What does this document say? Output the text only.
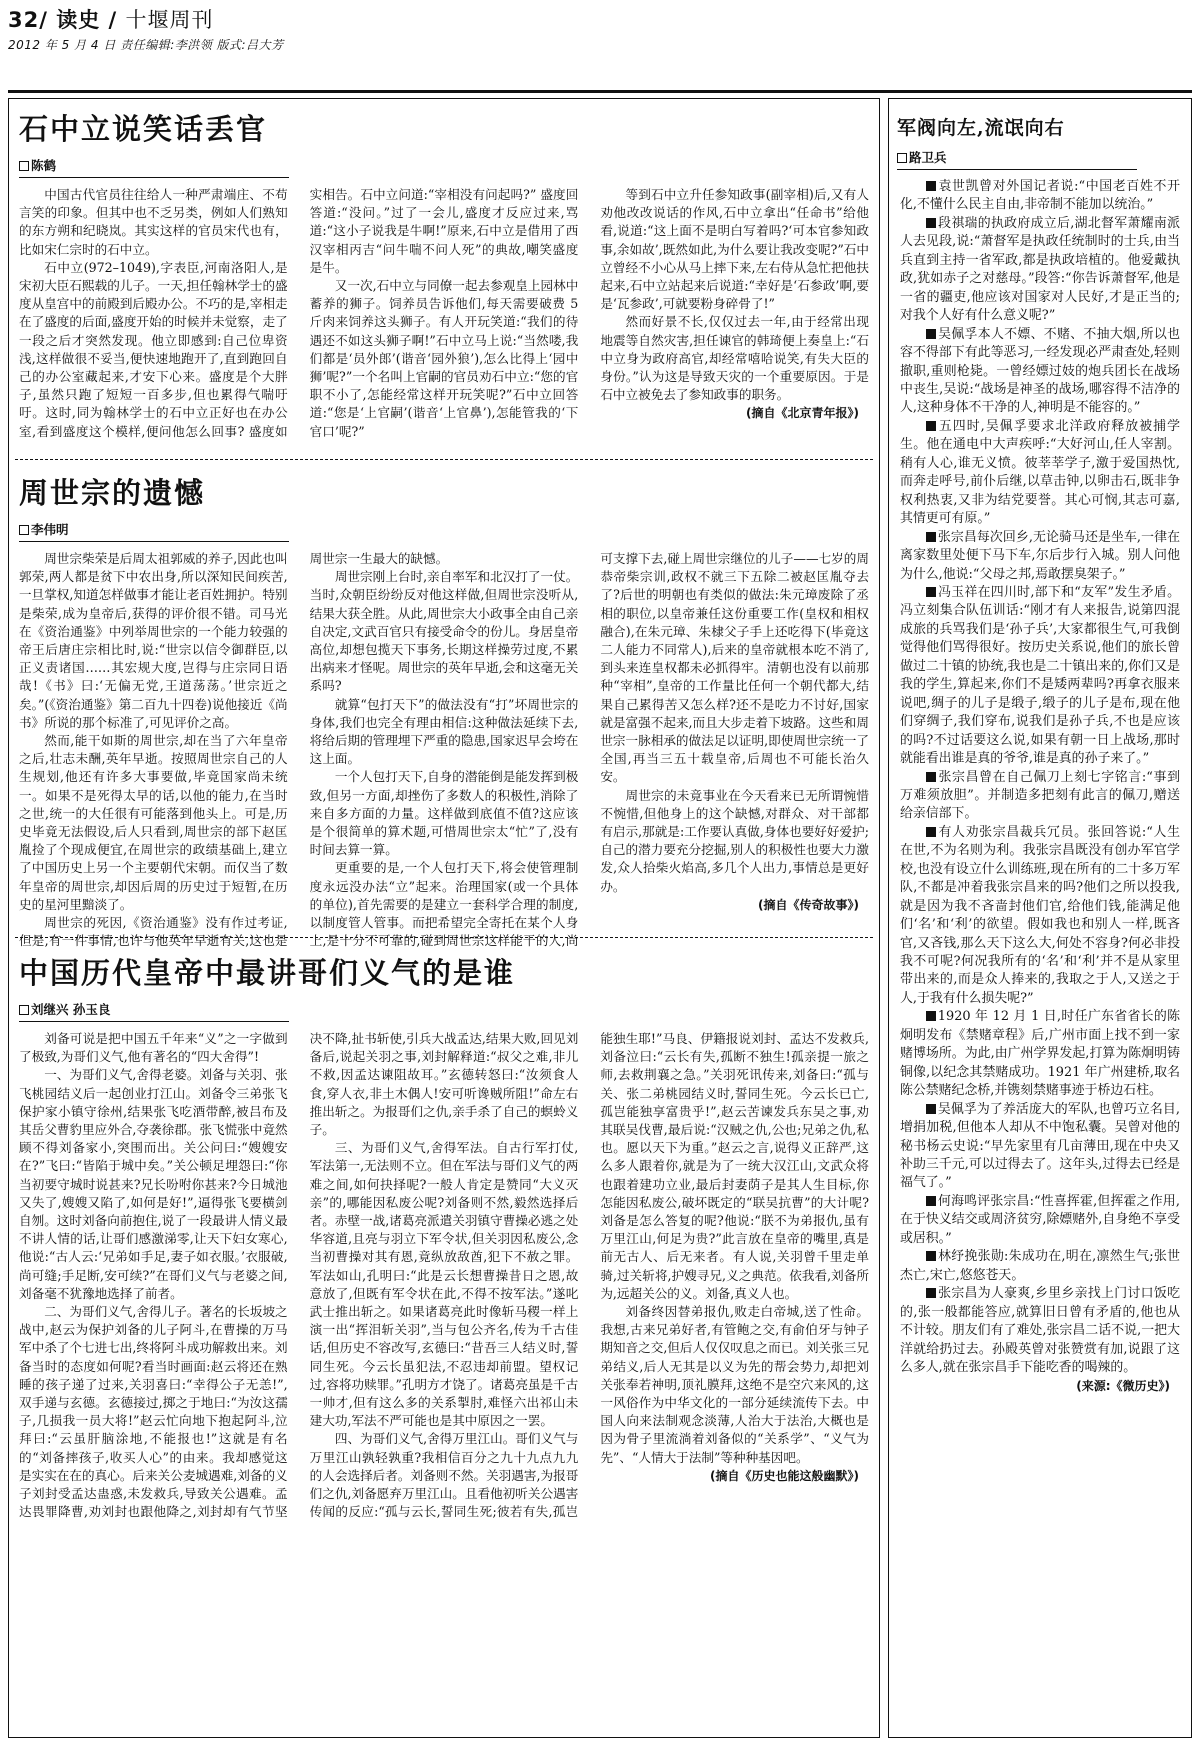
32/ 读史 / 十堰周刊
2012 年 5 月 4 日 责任编辑:李洪领 版式:吕大芳
石中立说笑话丢官
陈鹤

中国古代官员往往给人一种严肃端庄、不苟言笑的印象。但其中也不乏另类，例如人们熟知的东方朔和纪晓岚。其实这样的官员宋代也有，比如宋仁宗时的石中立。

石中立(972–1049),字表臣,河南洛阳人,是宋初大臣石熙载的儿子。一天,担任翰林学士的盛度从皇宫中的前殿到后殿办公。不巧的是,宰相走在了盛度的后面,盛度开始的时候并未觉察，走了一段之后才突然发现。他立即感到:自己位卑资浅,这样做很不妥当,便快速地跑开了,直到跑回自己的办公室藏起来,才安下心来。盛度是个大胖子,虽然只跑了短短一百多步,但也累得气喘吁吁。这时,同为翰林学士的石中立正好也在办公室,看到盛度这个模样,便问他怎么回事? 盛度如实相告。石中立问道:“宰相没有问起吗?” 盛度回答道:“没问。”过了一会儿,盛度才反应过来,骂道:“这小子说我是牛啊!”原来,石中立是借用了西汉宰相丙吉“问牛喘不问人死”的典故,嘲笑盛度是牛。

又一次,石中立与同僚一起去参观皇上园林中蓄养的狮子。饲养员告诉他们,每天需要破费 5 斤肉来饲养这头狮子。有人开玩笑道:“我们的待遇还不如这头狮子啊!”石中立马上说:“当然喽,我们都是‘员外郎’(谐音‘园外狼’),怎么比得上‘园中狮’呢?”一个名叫上官嗣的官员劝石中立:“您的官职不小了,怎能经常这样开玩笑呢?”石中立回答道:“您是‘上官嗣’(谐音‘上官鼻’),怎能管我的‘下官口’呢?”

等到石中立升任参知政事(副宰相)后,又有人劝他改改说话的作风,石中立拿出“任命书”给他看,说道:“这上面不是明白写着吗?‘可本官参知政事,余如故’,既然如此,为什么要让我改变呢?”石中立曾经不小心从马上摔下来,左右侍从急忙把他扶起来,石中立站起来后说道:“幸好是‘石参政’啊,要是‘瓦参政’,可就要粉身碎骨了!”

然而好景不长,仅仅过去一年,由于经常出现地震等自然灾害,担任谏官的韩琦便上奏皇上:“石中立身为政府高官,却经常嘻哈说笑,有失大臣的身份。”认为这是导致天灾的一个重要原因。于是石中立被免去了参知政事的职务。

(摘自《北京青年报》)
周世宗的遗憾
李伟明

周世宗柴荣是后周太祖郭威的养子,因此也叫郭荣,两人都是贫下中农出身,所以深知民间疾苦,一旦掌权,知道怎样做事才能让老百姓拥护。特别是柴荣,成为皇帝后,获得的评价很不错。司马光在《资治通鉴》中列举周世宗的一个能力较强的帝王后唐庄宗相比时,说:“世宗以信令御群臣,以正义责诸国……其宏规大度,岂得与庄宗同日语哉!《书》曰:‘无偏无党,王道荡荡。’世宗近之矣。”(《资治通鉴》第二百九十四卷)说他接近《尚书》所说的那个标准了,可见评价之高。

然而,能干如斯的周世宗,却在当了六年皇帝之后,壮志未酬,英年早逝。按照周世宗自己的人生规划,他还有许多大事要做,毕竟国家尚未统一。如果不是死得太早的话,以他的能力,在当时之世,统一的大任很有可能落到他头上。可是,历史毕竟无法假设,后人只看到,周世宗的部下赵匡胤捡了个现成便宜,在周世宗的政绩基础上,建立了中国历史上另一个主要朝代宋朝。而仅当了数年皇帝的周世宗,却因后周的历史过于短暂,在历史的星河里黯淡了。

周世宗的死因,《资治通鉴》没有作过考证,但是,有一件事情,也许与他英年早逝有关,这也是周世宗一生最大的缺憾。

周世宗刚上台时,亲自率军和北汉打了一仗。当时,众朝臣纷纷反对他这样做,但周世宗没听从,结果大获全胜。从此,周世宗大小政事全由自己亲自决定,文武百官只有接受命令的份儿。身居皇帝高位,却想包揽天下事务,长期这样操劳过度,不累出病来才怪呢。周世宗的英年早逝,会和这毫无关系吗?

就算“包打天下”的做法没有“打”坏周世宗的身体,我们也完全有理由相信:这种做法延续下去,将给后期的管理埋下严重的隐患,国家迟早会垮在这上面。

一个人包打天下,自身的潜能倒是能发挥到极致,但另一方面,却挫伤了多数人的积极性,消除了来自多方面的力量。这样做到底值不值?这应该是个很简单的算术题,可惜周世宗太“忙”了,没有时间去算一算。

更重要的是,一个人包打天下,将会使管理制度永远没办法“立”起来。治理国家(或一个具体的单位),首先需要的是建立一套科学合理的制度,以制度管人管事。而把希望完全寄托在某个人身上,是十分不可靠的,碰到周世宗这样能干的人,尚可支撑下去,碰上周世宗继位的儿子——七岁的周恭帝柴宗训,政权不就三下五除二被赵匡胤夺去了?后世的明朝也有类似的做法:朱元璋废除了丞相的职位,以皇帝兼任这份重要工作(皇权和相权融合),在朱元璋、朱棣父子手上还吃得下(毕竟这二人能力不同常人),后来的皇帝就根本吃不消了,到头来连皇权都未必抓得牢。清朝也没有以前那种“宰相”,皇帝的工作量比任何一个朝代都大,结果自己累得苦又怎么样?还不是吃力不讨好,国家就是富强不起来,而且大步走着下坡路。这些和周世宗一脉相承的做法足以证明,即使周世宗统一了全国,再当三五十载皇帝,后周也不可能长治久安。

周世宗的未竟事业在今天看来已无所谓惋惜不惋惜,但他身上的这个缺憾,对群众、对干部都有启示,那就是:工作要认真做,身体也要好好爱护;自己的潜力要充分挖掘,别人的积极性也要大力激发,众人拾柴火焰高,多几个人出力,事情总是更好办。

(摘自《传奇故事》)
中国历代皇帝中最讲哥们义气的是谁
刘继兴 孙玉良

刘备可说是把中国五千年来“义”之一字做到了极致,为哥们义气,他有著名的“四大舍得”!

一、为哥们义气,舍得老婆。刘备与关羽、张飞桃园结义后一起创业打江山。刘备令三弟张飞保护家小镇守徐州,结果张飞吃酒带醉,被吕布及其岳父曹豹里应外合,夺袭徐郡。张飞慌张中竟然顾不得刘备家小,突围而出。关公问曰:“嫂嫂安在?”飞曰:“皆陷于城中矣。”关公顿足埋怨曰:“你当初要守城时说甚来?兄长吩咐你甚来?今日城池又失了,嫂嫂又陷了,如何是好!”,逼得张飞要横剑自刎。这时刘备向前抱住,说了一段最讲人情义最不讲人情的话,让哥们感激涕零,让天下妇女寒心,他说:“古人云:‘兄弟如手足,妻子如衣服。’衣服破,尚可缝;手足断,安可续?”在哥们义气与老婆之间,刘备毫不犹豫地选择了前者。

二、为哥们义气,舍得儿子。著名的长坂坡之战中,赵云为保护刘备的儿子阿斗,在曹操的万马军中杀了个七进七出,终将阿斗成功解救出来。刘备当时的态度如何呢?看当时画面:赵云将还在熟睡的孩子递了过来,关羽喜曰:“幸得公子无恙!”,双手递与玄德。玄德接过,掷之于地曰:“为汝这孺子,几损我一员大将!”赵云忙向地下抱起阿斗,泣拜曰:“云虽肝脑涂地,不能报也!”这就是有名的“刘备摔孩子,收买人心”的由来。我却感觉这是实实在在的真心。后来关公麦城遇难,刘备的义子刘封受孟达蛊惑,未发救兵,导致关公遇难。孟达畏罪降曹,劝刘封也跟他降之,刘封却有气节坚决不降,扯书斩使,引兵大战孟达,结果大败,回见刘备后,说起关羽之事,刘封解释道:“叔父之难,非儿不救,因孟达谏阻故耳。”玄德转怒曰:“汝须食人食,穿人衣,非土木偶人!安可听谗贼所阻!”命左右推出斩之。为报哥们之仇,亲手杀了自己的螟蛉义子。

三、为哥们义气,舍得军法。自古行军打仗,军法第一,无法则不立。但在军法与哥们义气的两难之间,如何抉择呢?一般人肯定是赞同“大义灭亲”的,哪能因私废公呢?刘备则不然,毅然选择后者。赤壁一战,诸葛亮派遣关羽镇守曹操必逃之处华容道,且亮与羽立下军令状,但关羽因私废公,念当初曹操对其有恩,竟纵放敌酋,犯下不赦之罪。军法如山,孔明曰:“此是云长想曹操昔日之恩,故意放了,但既有军令状在此,不得不按军法。”遂叱武士推出斩之。如果诸葛亮此时像斩马稷一样上演一出“挥泪斩关羽”,当与包公齐名,传为千古佳话,但历史不容改写,玄德曰:“昔吾三人结义时,誓同生死。今云长虽犯法,不忍违却前盟。望权记过,容将功赎罪。”孔明方才饶了。诸葛亮虽是千古一帅才,但有这么多的关系掣肘,难怪六出祁山未建大功,军法不严可能也是其中原因之一罢。

四、为哥们义气,舍得万里江山。哥们义气与万里江山孰轻孰重?我相信百分之九十九点九九的人会选择后者。刘备则不然。关羽遇害,为报哥们之仇,刘备愿弃万里江山。且看他初听关公遇害传闻的反应:“孤与云长,誓同生死;彼若有失,孤岂能独生耶!”马良、伊籍报说刘封、孟达不发救兵,刘备泣曰:“云长有失,孤断不独生!孤亲提一旅之师,去救荆襄之急。”关羽死讯传来,刘备曰:“孤与关、张二弟桃园结义时,誓同生死。今云长已亡,孤岂能独享富贵乎!”,赵云苦谏发兵东吴之事,劝其联吴伐曹,最后说:“汉贼之仇,公也;兄弟之仇,私也。愿以天下为重。”赵云之言,说得义正辞严,这么多人跟着你,就是为了一统大汉江山,文武众将也跟着建功立业,最后封妻荫子是其人生目标,你怎能因私废公,破坏既定的“联吴抗曹”的大计呢?刘备是怎么答复的呢?他说:“朕不为弟报仇,虽有万里江山,何足为贵?”此言放在皇帝的嘴里,真是前无古人、后无来者。有人说,关羽曾千里走单骑,过关斩将,护嫂寻兄,义之典范。依我看,刘备所为,远超关公的义。刘备,真义人也。

刘备终因替弟报仇,败走白帝城,送了性命。我想,古来兄弟好者,有管鲍之交,有俞伯牙与钟子期知音之交,但后人仅仅叹息之而已。刘关张三兄弟结义,后人无其是以义为先的帮会势力,却把刘关张奉若神明,顶礼膜拜,这绝不是空穴来风的,这一风俗作为中华文化的一部分延续流传下去。中国人向来法制观念淡薄,人治大于法治,大概也是因为骨子里流淌着刘备似的“关系学”、“义气为先”、“人情大于法制”等种种基因吧。

(摘自《历史也能这般幽默》)
军阀向左,流氓向右
路卫兵

袁世凯曾对外国记者说:“中国老百姓不开化,不懂什么民主自由,非帝制不能加以统治。”

段祺瑞的执政府成立后,湖北督军萧耀南派人去见段,说:“萧督军是执政任统制时的士兵,由当兵直到主持一省军政,都是执政培植的。他爱戴执政,犹如赤子之对慈母。”段答:“你告诉萧督军,他是一省的疆吏,他应该对国家对人民好,才是正当的;对我个人好有什么意义呢?”

吴佩孚本人不嫖、不赌、不抽大烟,所以也容不得部下有此等恶习,一经发现必严肃查处,轻则撤职,重则枪毙。一曾经嫖过妓的炮兵团长在战场中丧生,吴说:“战场是神圣的战场,哪容得不洁净的人,这种身体不干净的人,神明是不能容的。”

五四时,吴佩孚要求北洋政府释放被捕学生。他在通电中大声疾呼:“大好河山,任人宰割。稍有人心,谁无义愤。彼莘莘学子,激于爱国热忱,而奔走呼号,前仆后继,以草击钟,以卵击石,既非争权利热衷,又非为结党要誉。其心可悯,其志可嘉,其情更可有原。”

张宗昌每次回乡,无论骑马还是坐车,一律在离家数里处便下马下车,尔后步行入城。别人问他为什么,他说:“父母之邦,焉敢摆臭架子。”

冯玉祥在四川时,部下和“友军”发生矛盾。冯立刻集合队伍训话:“刚才有人来报告,说第四混成旅的兵骂我们是‘孙子兵’,大家都很生气,可我倒觉得他们骂得很好。按历史关系说,他们的旅长曾做过二十镇的协统,我也是二十镇出来的,你们又是我的学生,算起来,你们不是矮两辈吗?再拿衣服来说吧,绸子的儿子是缎子,缎子的儿子是布,现在他们穿绸子,我们穿布,说我们是孙子兵,不也是应该的吗?不过话要这么说,如果有朝一日上战场,那时就能看出谁是真的爷爷,谁是真的孙子来了。”

张宗昌曾在自己佩刀上刻七字铭言:“事到万难须放胆”。并制造多把刻有此言的佩刀,赠送给亲信部下。

有人劝张宗昌裁兵冗员。张回答说:“人生在世,不为名则为利。我张宗昌既没有创办军官学校,也没有设立什么训练班,现在所有的二十多万军队,不都是冲着我张宗昌来的吗?他们之所以投我,就是因为我不吝啬封他们官,给他们钱,能满足他们‘名’和‘利’的欲望。假如我也和别人一样,既吝官,又吝钱,那么天下这么大,何处不容身?何必非投我不可呢?何况我所有的‘名’和‘利’并不是从家里带出来的,而是众人捧来的,我取之于人,又送之于人,于我有什么损失呢?”

1920 年 12 月 1 日,时任广东省省长的陈炯明发布《禁赌章程》后,广州市面上找不到一家赌博场所。为此,由广州学界发起,打算为陈炯明铸铜像,以纪念其禁赌成功。1921 年广州建桥,取名陈公禁赌纪念桥,并镌刻禁赌事迹于桥边石柱。

吴佩孚为了养活庞大的军队,也曾巧立名目,增捐加税,但他本人却从不中饱私囊。吴曾对他的秘书杨云史说:“早先家里有几亩薄田,现在中央又补助三千元,可以过得去了。这年头,过得去已经是福气了。”

何海鸣评张宗昌:“性喜挥霍,但挥霍之作用,在于快义结交或周济贫穷,除嫖赌外,自身绝不享受或居积。”

林纾挽张勋:朱成功在,明在,凛然生气;张世杰亡,宋亡,悠悠苍天。

张宗昌为人豪爽,乡里乡亲找上门讨口饭吃的,张一般都能答应,就算旧日曾有矛盾的,他也从不计较。朋友们有了难处,张宗昌二话不说,一把大洋就给扔过去。孙殿英曾对张赞赏有加,说跟了这么多人,就在张宗昌手下能吃香的喝辣的。

(来源:《微历史》)
